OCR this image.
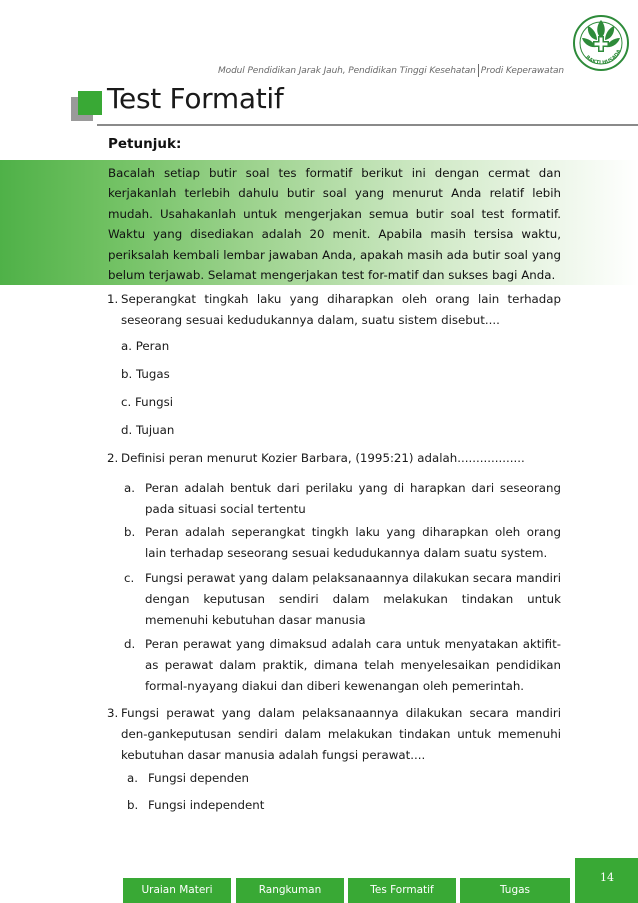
Modul Pendidikan Jarak Jauh, Pendidikan Tinggi Kesehatan Prodi Keperawatan
BAKTI HUSADA
Test Formatif
Petunjuk:
Bacalah setiap butir soal tes formatif berikut ini dengan cermat dan kerjakanlah terlebih dahulu butir soal yang menurut Anda relatif lebih mudah. Usahakanlah untuk mengerjakan semua butir soal test formatif. Waktu yang disediakan adalah 20 menit. Apabila masih tersisa waktu, periksalah kembali lembar jawaban Anda, apakah masih ada butir soal yang belum terjawab. Selamat mengerjakan test for-matif dan sukses bagi Anda.
1. Seperangkat tingkah laku yang diharapkan oleh orang lain terhadap seseorang sesuai kedudukannya dalam, suatu sistem disebut....
a. Peran
b. Tugas
c. Fungsi
d. Tujuan
2. Definisi peran menurut Kozier Barbara, (1995:21) adalah..................
a. Peran adalah bentuk dari perilaku yang di harapkan dari seseorang pada situasi social tertentu
b. Peran adalah seperangkat tingkh laku yang diharapkan oleh orang lain terhadap seseorang sesuai kedudukannya dalam suatu system.
c. Fungsi perawat yang dalam pelaksanaannya dilakukan secara mandiri dengan keputusan sendiri dalam melakukan tindakan untuk memenuhi kebutuhan dasar manusia
d. Peran perawat yang dimaksud adalah cara untuk menyatakan aktifit-as perawat dalam praktik, dimana telah menyelesaikan pendidikan formal-nyayang diakui dan diberi kewenangan oleh pemerintah.
3. Fungsi perawat yang dalam pelaksanaannya dilakukan secara mandiri den-gankeputusan sendiri dalam melakukan tindakan untuk memenuhi kebutuhan dasar manusia adalah fungsi perawat....
a. Fungsi dependen
b. Fungsi independent
14
Uraian Materi	Rangkuman	Tes Formatif	Tugas
